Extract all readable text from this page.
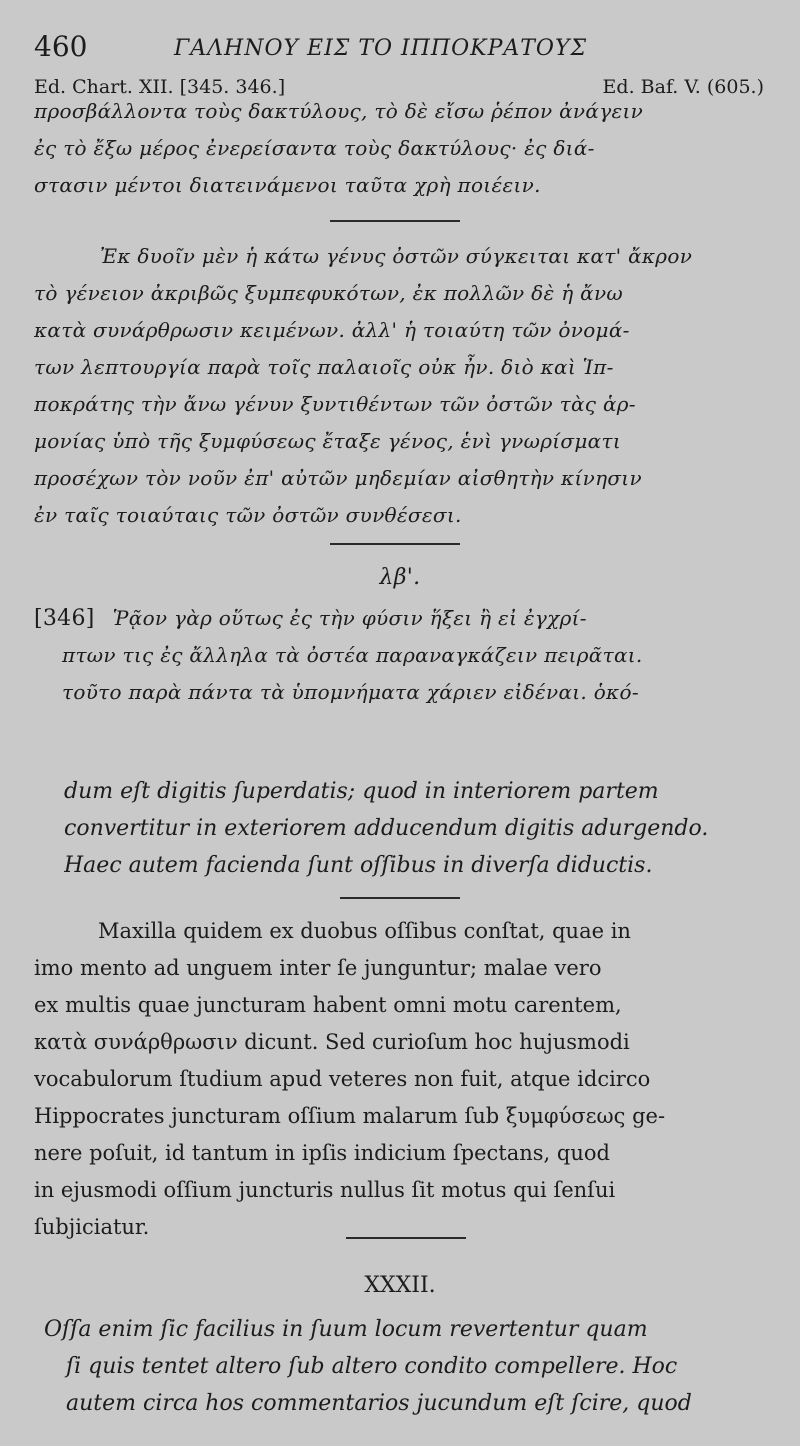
460	ΓΑΛΗΝΟΥ ΕΙΣ ΤΟ ΙΠΠΟΚΡΑΤΟΥΣ
Ed. Chart. XII. [345. 346.]	Ed. Baf. V. (605.)
προσβάλλοντα τοὺς δακτύλους, τὸ δὲ εἴσω ῥέπον ἀνάγειν
ἐς τὸ ἔξω μέρος ἐνερείσαντα τοὺς δακτύλους· ἐς διά-
στασιν μέντοι διατεινάμενοι ταῦτα χρὴ ποιέειν.
Ἐκ δυοῖν μὲν ἡ κάτω γένυς ὀστῶν σύγκειται κατ' ἄκρον
τὸ γένειον ἀκριβῶς ξυμπεφυκότων, ἐκ πολλῶν δὲ ἡ ἄνω
κατὰ συνάρθρωσιν κειμένων. ἀλλ' ἡ τοιαύτη τῶν ὀνομά-
των λεπτουργία παρὰ τοῖς παλαιοῖς οὐκ ἦν. διὸ καὶ Ἱπ-
ποκράτης τὴν ἄνω γένυν ξυντιθέντων τῶν ὀστῶν τὰς ἁρ-
μονίας ὑπὸ τῆς ξυμφύσεως ἔταξε γένος, ἑνὶ γνωρίσματι
προσέχων τὸν νοῦν ἐπ' αὐτῶν μηδεμίαν αἰσθητὴν κίνησιν
ἐν ταῖς τοιαύταις τῶν ὀστῶν συνθέσεσι.
λβ'.
[346] Ῥᾷον γὰρ οὕτως ἐς τὴν φύσιν ἥξει ἢ εἰ ἐγχρί-
πτων τις ἐς ἄλληλα τὰ ὀστέα παραναγκάζειν πειρᾶται.
τοῦτο παρὰ πάντα τὰ ὑπομνήματα χάριεν εἰδέναι. ὁκό-
dum eſt digitis ſuperdatis; quod in interiorem partem
convertitur in exteriorem adducendum digitis adurgendo.
Haec autem facienda ſunt oſſibus in diverſa diductis.
Maxilla quidem ex duobus oſſibus conſtat, quae in
imo mento ad unguem inter ſe junguntur; malae vero
ex multis quae juncturam habent omni motu carentem,
κατὰ συνάρθρωσιν dicunt. Sed curioſum hoc hujusmodi
vocabulorum ſtudium apud veteres non fuit, atque idcirco
Hippocrates juncturam oſſium malarum ſub ξυμφύσεως ge-
nere poſuit, id tantum in ipſis indicium ſpectans, quod
in ejusmodi oſſium juncturis nullus ſit motus qui ſenſui
ſubjiciatur.
XXXII.
Oſſa enim ſic facilius in ſuum locum revertentur quam
ſi quis tentet altero ſub altero condito compellere. Hoc
autem circa hos commentarios jucundum eſt ſcire, quod
